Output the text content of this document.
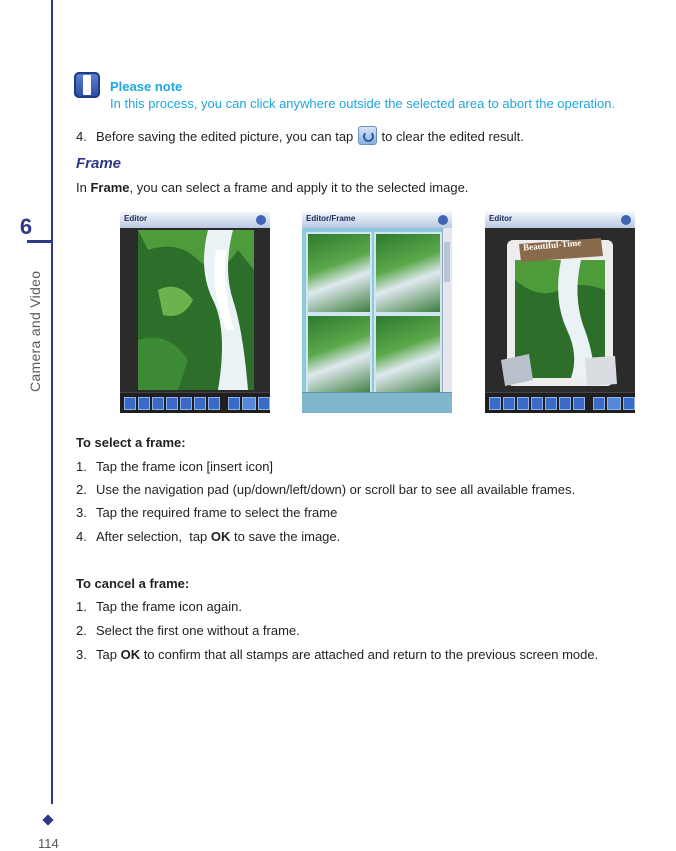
6
Camera and Video
114
Please note
In this process, you can click anywhere outside the selected area to abort the operation.
4. Before saving the edited picture, you can tap to clear the edited result.
Frame
In Frame, you can select a frame and apply it to the selected image.
Editor	Editor/Frame	Editor
Beautiful-Time
To select a frame:
1. Tap the frame icon [insert icon]
2. Use the navigation pad (up/down/left/down) or scroll bar to see all available frames.
3. Tap the required frame to select the frame
4. After selection,  tap OK to save the image.
To cancel a frame:
1. Tap the frame icon again.
2. Select the first one without a frame.
3. Tap OK to confirm that all stamps are attached and return to the previous screen mode.
